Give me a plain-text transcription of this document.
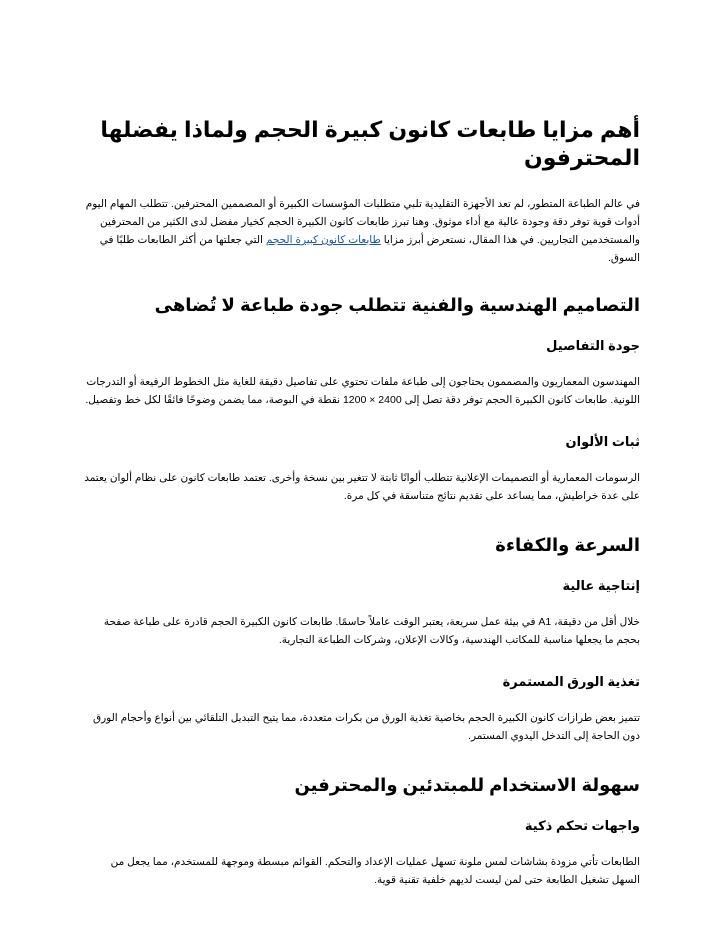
أهم مزايا طابعات كانون كبيرة الحجم ولماذا يفضلها المحترفون

في عالم الطباعة المتطور، لم تعد الأجهزة التقليدية تلبي متطلبات المؤسسات الكبيرة أو المصممين المحترفين. تتطلب المهام اليوم أدوات قوية توفر دقة وجودة عالية مع أداء موثوق. وهنا تبرز طابعات كانون الكبيرة الحجم كخيار مفضل لدى الكثير من المحترفين والمستخدمين التجاريين. في هذا المقال، نستعرض أبرز مزايا طابعات كانون كبيرة الحجم التي جعلتها من أكثر الطابعات طلبًا في السوق.

التصاميم الهندسية والفنية تتطلب جودة طباعة لا تُضاهى
جودة التفاصيل

المهندسون المعماريون والمصممون يحتاجون إلى طباعة ملفات تحتوي على تفاصيل دقيقة للغاية مثل الخطوط الرفيعة أو التدرجات اللونية. طابعات كانون الكبيرة الحجم توفر دقة تصل إلى 2400 × 1200 نقطة في البوصة، مما يضمن وضوحًا فائقًا لكل خط وتفصيل.

ثبات الألوان

الرسومات المعمارية أو التصميمات الإعلانية تتطلب ألوانًا ثابتة لا تتغير بين نسخة وأخرى. تعتمد طابعات كانون على نظام ألوان يعتمد على عدة خراطيش، مما يساعد على تقديم نتائج متناسقة في كل مرة.

السرعة والكفاءة
إنتاجية عالية

خلال أقل من دقيقة، A1 في بيئة عمل سريعة، يعتبر الوقت عاملاً حاسمًا. طابعات كانون الكبيرة الحجم قادرة على طباعة صفحة بحجم ما يجعلها مناسبة للمكاتب الهندسية، وكالات الإعلان، وشركات الطباعة التجارية.

تغذية الورق المستمرة

تتميز بعض طرازات كانون الكبيرة الحجم بخاصية تغذية الورق من بكرات متعددة، مما يتيح التبديل التلقائي بين أنواع وأحجام الورق دون الحاجة إلى التدخل اليدوي المستمر.

سهولة الاستخدام للمبتدئين والمحترفين
واجهات تحكم ذكية

الطابعات تأتي مزودة بشاشات لمس ملونة تسهل عمليات الإعداد والتحكم. القوائم مبسطة وموجهة للمستخدم، مما يجعل من السهل تشغيل الطابعة حتى لمن ليست لديهم خلفية تقنية قوية.
